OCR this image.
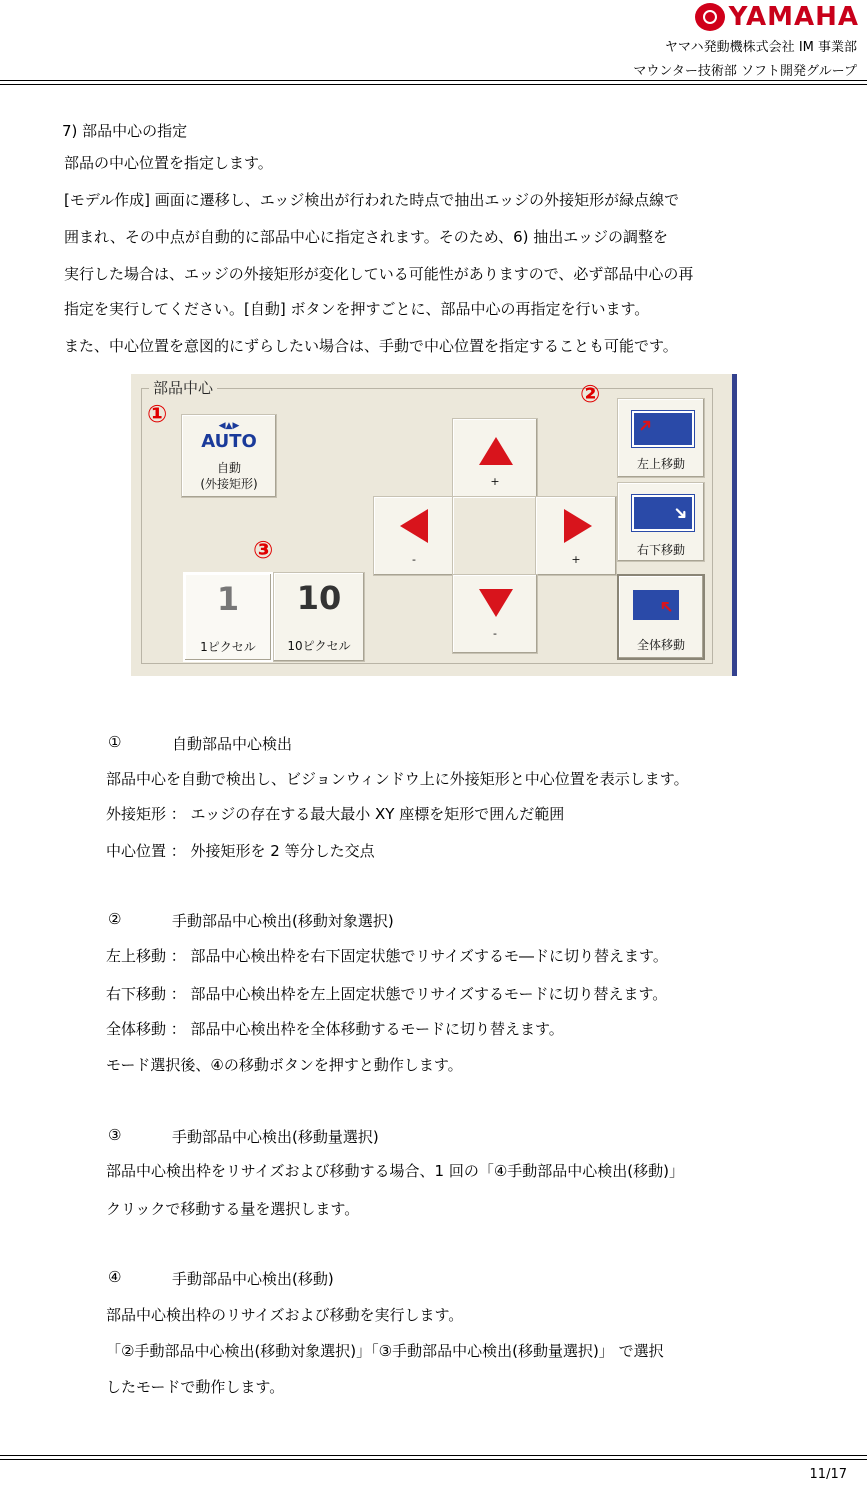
YAMAHA
ヤマハ発動機株式会社 IM 事業部
マウンター技術部 ソフト開発グループ
7) 部品中心の指定
部品の中心位置を指定します。
[モデル作成] 画面に遷移し、エッジ検出が行われた時点で抽出エッジの外接矩形が緑点線で
囲まれ、その中点が自動的に部品中心に指定されます。そのため、6) 抽出エッジの調整を
実行した場合は、エッジの外接矩形が変化している可能性がありますので、必ず部品中心の再
指定を実行してください。[自動] ボタンを押すごとに、部品中心の再指定を行います。
また、中心位置を意図的にずらしたい場合は、手動で中心位置を指定することも可能です。
部品中心
①
②
③
◀▲▶
AUTO
自動
(外接矩形)	+
-	+
-
➜
左上移動
➜
右下移動
➜
全体移動
1
1ピクセル
10
10ピクセル
①	自動部品中心検出
部品中心を自動で検出し、ビジョンウィンドウ上に外接矩形と中心位置を表示します。
外接矩形 ： エッジの存在する最大最小 XY 座標を矩形で囲んだ範囲
中心位置 ： 外接矩形を 2 等分した交点
②	手動部品中心検出(移動対象選択)
左上移動 ： 部品中心検出枠を右下固定状態でリサイズするモ―ドに切り替えます。
右下移動 ： 部品中心検出枠を左上固定状態でリサイズするモードに切り替えます。
全体移動 ： 部品中心検出枠を全体移動するモードに切り替えます。
モード選択後、④の移動ボタンを押すと動作します。
③	手動部品中心検出(移動量選択)
部品中心検出枠をリサイズおよび移動する場合、1 回の「④手動部品中心検出(移動)」
クリックで移動する量を選択します。
④	手動部品中心検出(移動)
部品中心検出枠のリサイズおよび移動を実行します。
「②手動部品中心検出(移動対象選択)」「③手動部品中心検出(移動量選択)」 で選択
したモードで動作します。
11/17
